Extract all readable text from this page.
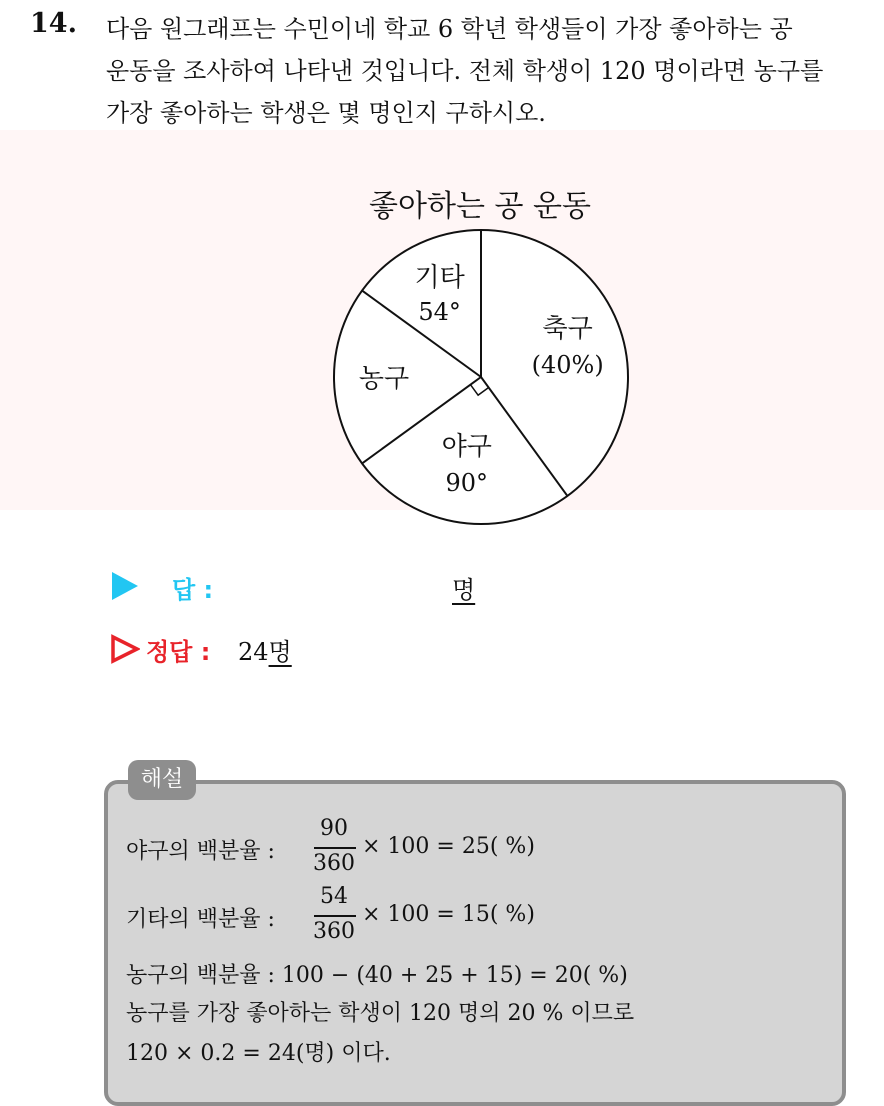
14. 다음 원그래프는 수민이네 학교 6 학년 학생들이 가장 좋아하는 공
운동을 조사하여 나타낸 것입니다. 전체 학생이 120 명이라면 농구를
가장 좋아하는 학생은 몇 명인지 구하시오.
좋아하는 공 운동
축구
(40%)
야구
90°
농구
기타
54°
답 :	명
정답 : 24명
해설
야구의 백분율 :
90
360
× 100 = 25( %)
기타의 백분율 :
54
360
× 100 = 15( %)
농구의 백분율 : 100 − (40 + 25 + 15) = 20( %)
농구를 가장 좋아하는 학생이 120 명의 20 % 이므로
120 × 0.2 = 24(명) 이다.
